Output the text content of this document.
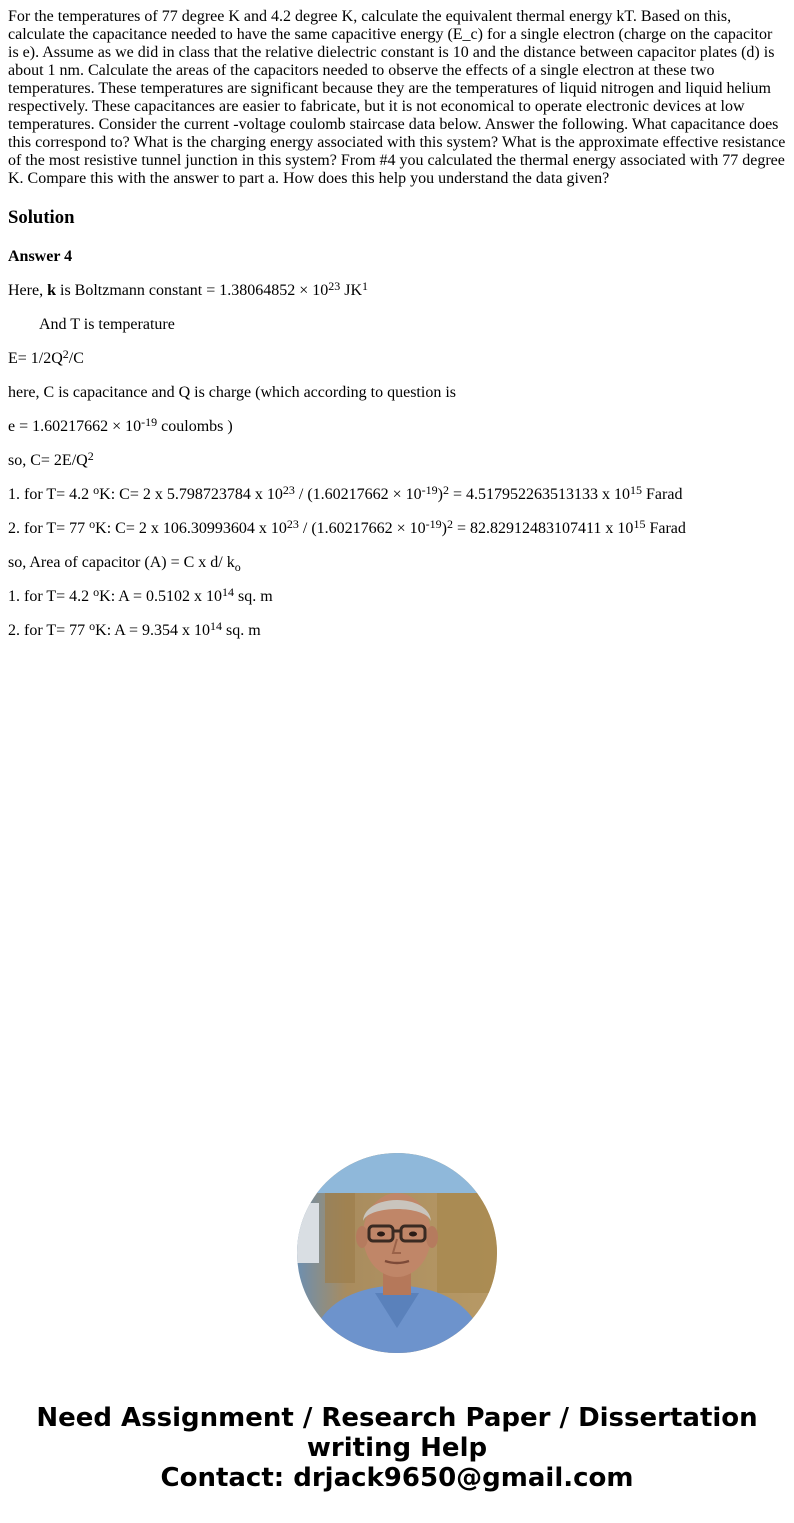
For the temperatures of 77 degree K and 4.2 degree K, calculate the equivalent thermal energy kT. Based on this, calculate the capacitance needed to have the same capacitive energy (E_c) for a single electron (charge on the capacitor is e). Assume as we did in class that the relative dielectric constant is 10 and the distance between capacitor plates (d) is about 1 nm. Calculate the areas of the capacitors needed to observe the effects of a single electron at these two temperatures. These temperatures are significant because they are the temperatures of liquid nitrogen and liquid helium respectively. These capacitances are easier to fabricate, but it is not economical to operate electronic devices at low temperatures. Consider the current -voltage coulomb staircase data below. Answer the following. What capacitance does this correspond to? What is the charging energy associated with this system? What is the approximate effective resistance of the most resistive tunnel junction in this system? From #4 you calculated the thermal energy associated with 77 degree K. Compare this with the answer to part a. How does this help you understand the data given?

Solution

Answer 4

Here, k is Boltzmann constant = $1.38064852 \times 10^{23}$ $JK^1$

And T is temperature

$E= 1/2Q^2/C$

here, C is capacitance and Q is charge (which according to question is

$e = 1.60217662 \times 10^{-19}$ coulombs )

so, $C= 2E/Q^2$

1. for T= 4.2 $^o$K: C= 2 x 5.798723784 x $10^{23} / (1.60217662 \times 10^{-19})^2 = 4.517952263513133$ x $10^{15}$ Farad

2. for T= 77 $^o$K: C= 2 x 106.30993604 x $10^{23} / (1.60217662 \times 10^{-19})^2 = 82.82912483107411$ x $10^{15}$ Farad

so, Area of capacitor (A) = C x d/ $k_o$

1. for T= 4.2 $^o$K: A = 0.5102 x $10^{14}$ sq. m

2. for T= 77 $^o$K: A = 9.354 x $10^{14}$ sq. m

Need Assignment / Research Paper / Dissertation
writing Help
Contact: drjack9650@gmail.com
